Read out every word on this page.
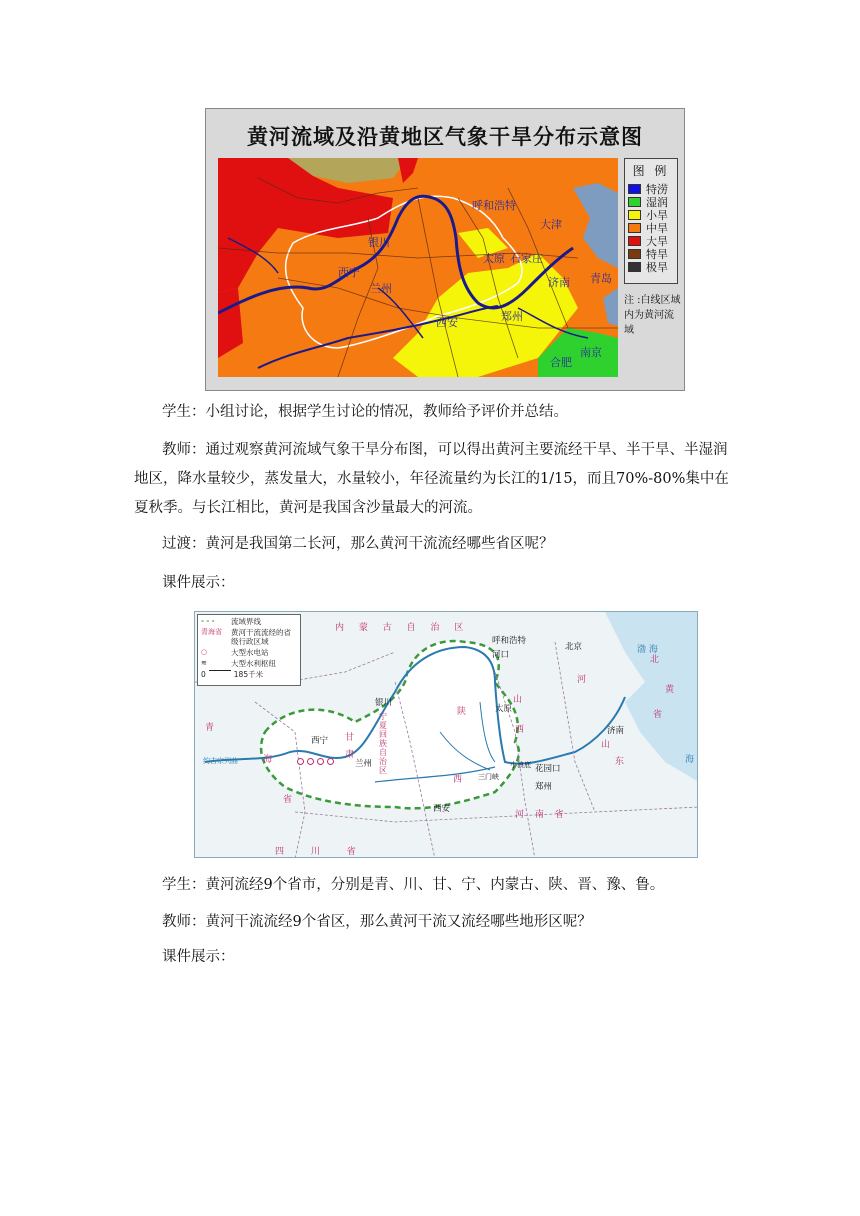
黄河流域及沿黄地区气象干旱分布示意图
呼和浩特
大津
银川
太原 石家庄
西宁
兰州	济南 青岛
西安	郑州
合肥
南京
图 例
特涝
湿润
小旱
中旱
大旱
特旱
极旱
注 :白线区域内为黄河流域

学生：小组讨论，根据学生讨论的情况，教师给予评价并总结。

教师：通过观察黄河流域气象干旱分布图，可以得出黄河主要流经干旱、半干旱、半湿润地区，降水量较少，蒸发量大，水量较小，年径流量约为长江的1/15，而且70%-80%集中在夏秋季。与长江相比，黄河是我国含沙量最大的河流。

过渡：黄河是我国第二长河，那么黄河干流流经哪些省区呢？

课件展示：

- - -	流域界线
青海省	黄河干流流经的省级行政区域
○	大型水电站
≋	大型水利枢纽
0	185千米
内 蒙 古 自 治 区
青
海
省
甘
肃
陕
西
山
西
河 南 省
山
东
省
四 川 省
宁夏回族自治区
渤 海
黄
海
河
北
北京
呼和浩特
河口
银川
太原
西宁
兰州
西安
郑州
济南
花园口
三门峡
小浪底
约古宗列曲

学生：黄河流经9个省市，分别是青、川、甘、宁、内蒙古、陕、晋、豫、鲁。

教师：黄河干流流经9个省区，那么黄河干流又流经哪些地形区呢？

课件展示：
